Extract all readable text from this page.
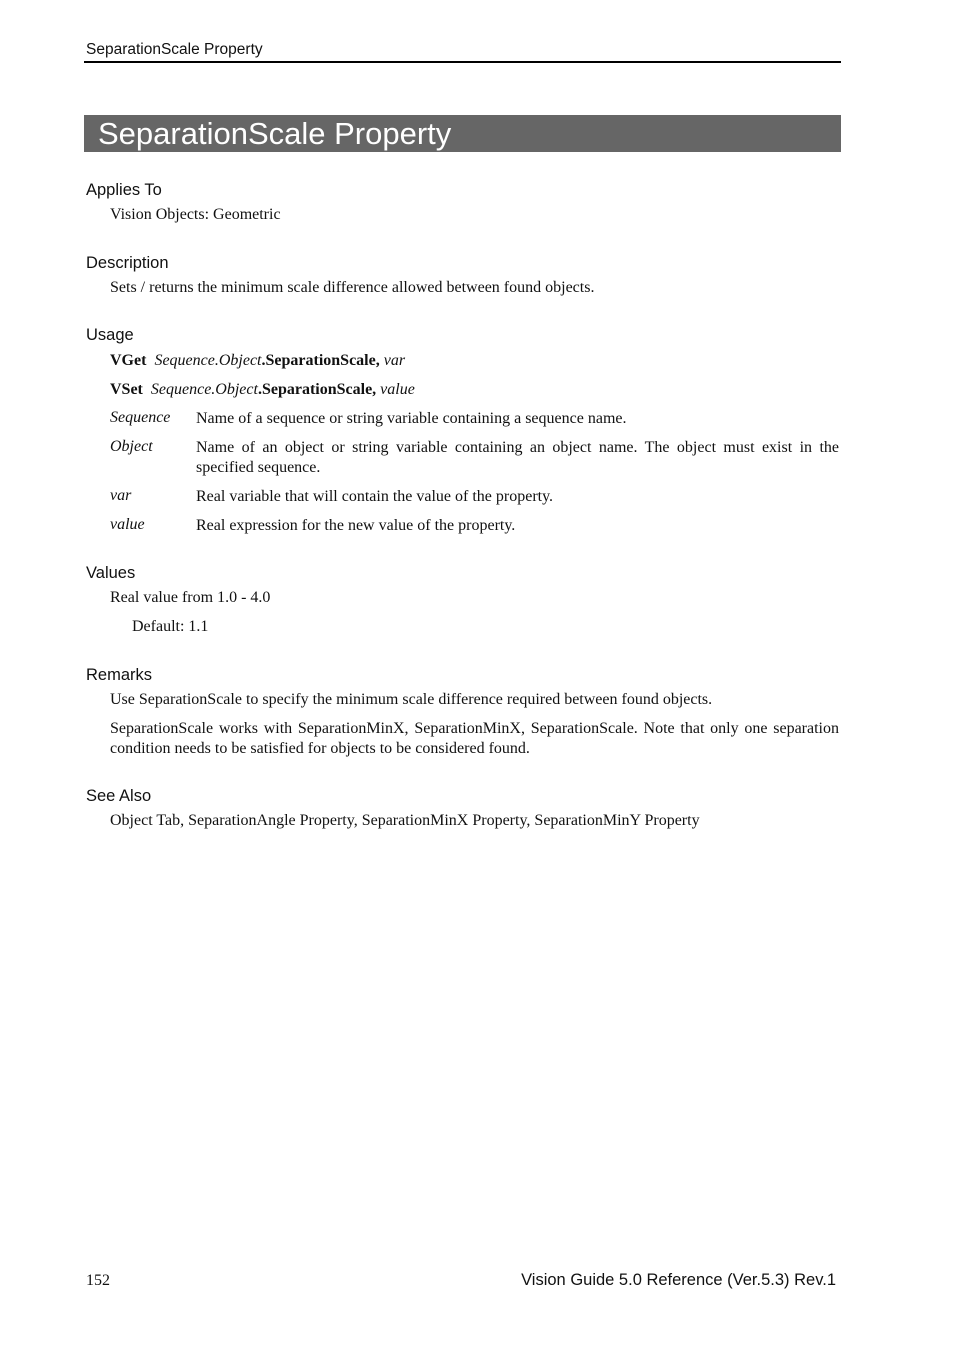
SeparationScale Property
SeparationScale Property
Applies To
Vision Objects: Geometric
Description
Sets / returns the minimum scale difference allowed between found objects.
Usage
VGet Sequence.Object.SeparationScale, var
VSet Sequence.Object.SeparationScale, value
Sequence Name of a sequence or string variable containing a sequence name.
Object	Name of an object or string variable containing an object name. The object must exist in the specified sequence.
var	Real variable that will contain the value of the property.
value	Real expression for the new value of the property.
Values
Real value from 1.0 - 4.0
Default: 1.1
Remarks
Use SeparationScale to specify the minimum scale difference required between found objects.
SeparationScale works with SeparationMinX, SeparationMinX, SeparationScale. Note that only one separation condition needs to be satisfied for objects to be considered found.
See Also
Object Tab, SeparationAngle Property, SeparationMinX Property, SeparationMinY Property
152	Vision Guide 5.0 Reference (Ver.5.3) Rev.1
